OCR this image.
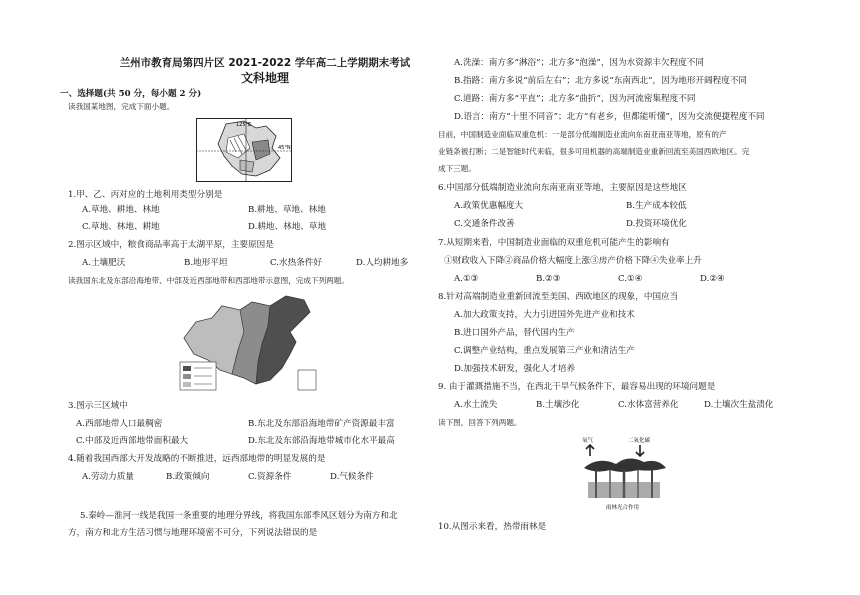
兰州市教育局第四片区 2021-2022 学年高二上学期期末考试
文科地理
一、选择题(共 50 分，每小题 2 分)
读我国某地图，完成下面小题。
125°E
45°N
1.甲、乙、丙对应的土地利用类型分别是
A.草地、耕地、林地	B.耕地、草地、林地
C.草地、林地、耕地	D.耕地、林地、草地
2.图示区域中，粮食商品率高于太湖平原，主要原因是
A.土壤肥沃	B.地形平坦	C.水热条件好	D.人均耕地多
读我国东北及东部沿海地带、中部及近西部地带和西部地带示意图，完成下列两题。
3.图示三区域中
A.西部地带人口最稠密	B.东北及东部沿海地带矿产资源最丰富
C.中部及近西部地带面积最大	D.东北及东部沿海地带城市化水平最高
4.随着我国西部大开发战略的不断推进，远西部地带的明显发展的是
A.劳动力质量	B.政策倾向	C.资源条件	D.气候条件
5.秦岭—淮河一线是我国一条重要的地理分界线，将我国东部季风区划分为南方和北
方，南方和北方生活习惯与地理环境密不可分，下列说法错误的是
A.洗澡：南方多“淋浴”；北方多“泡澡”，因为水资源丰欠程度不同
B.指路：南方多说“前后左右”；北方多说“东南西北”，因为地形开阔程度不同
C.道路：南方多“平直”；北方多“曲折”，因为河流密集程度不同
D.语言：南方“十里不同音”；北方“有老乡，但都能听懂”，因为交流便捷程度不同
目前，中国制造业面临双重危机：一是部分低端制造业流向东南亚南亚等地，原有的产
业链条被打断；二是智能时代来临，很多可用机器的高端制造业重新回流至美国西欧地区。完
成下三题。
6.中国部分低端制造业流向东南亚南亚等地，主要原因是这些地区
A.政策优惠幅度大	B.生产成本较低
C.交通条件改善	D.投资环境优化
7.从短期来看，中国制造业面临的双重危机可能产生的影响有
①财政收入下降②商品价格大幅度上涨③房产价格下降④失业率上升
A.①③	B.②③	C.①④	D.②④
8.针对高端制造业重新回流至美国、西欧地区的现象，中国应当
A.加大政策支持，大力引进国外先进产业和技术
B.进口国外产品，替代国内生产
C.调整产业结构，重点发展第三产业和清洁生产
D.加强技术研发，强化人才培养
9. 由于灌溉措施不当，在西北干旱气候条件下，最容易出现的环境问题是
A.水土流失	B.土壤沙化	C.水体富营养化	D.土壤次生盐渍化
读下图，回答下列两题。
氧气	二氧化碳
雨林光合作用
10.从图示来看，热带雨林是
